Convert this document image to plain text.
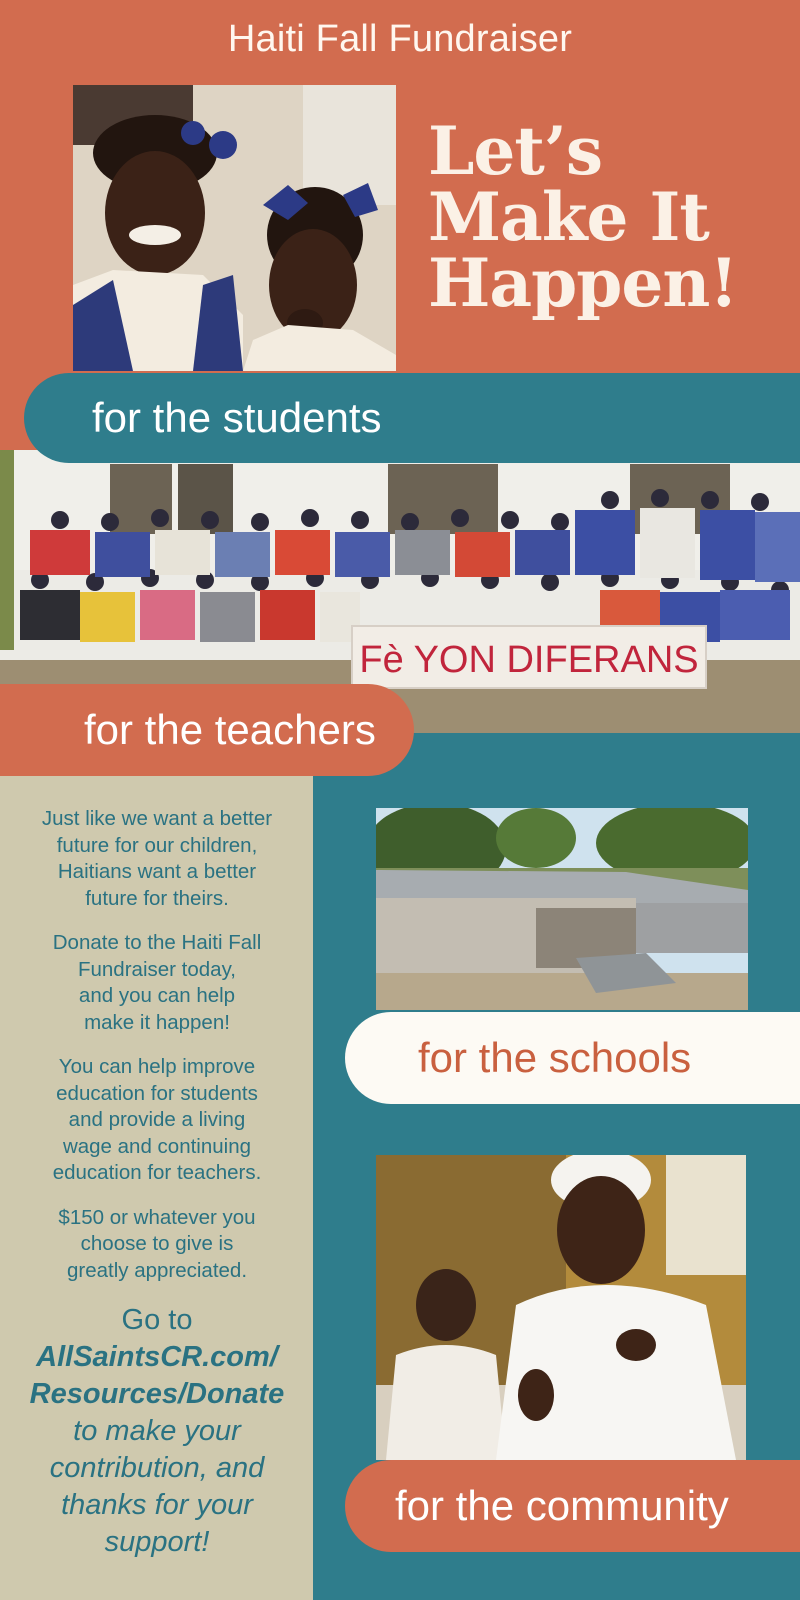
Haiti Fall Fundraiser
Let’s
Make It
Happen!
Fè YON DIFERANS
for the students
for the teachers
for the schools
for the community

Just like we want a better
future for our children,
Haitians want a better
future for theirs.

Donate to the Haiti Fall
Fundraiser today,
and you can help
make it happen!

You can help improve
education for students
and provide a living
wage and continuing
education for teachers.

$150 or whatever you
choose to give is
greatly appreciated.

Go to
AllSaintsCR.com/
Resources/Donate
to make your
contribution, and
thanks for your
support!
